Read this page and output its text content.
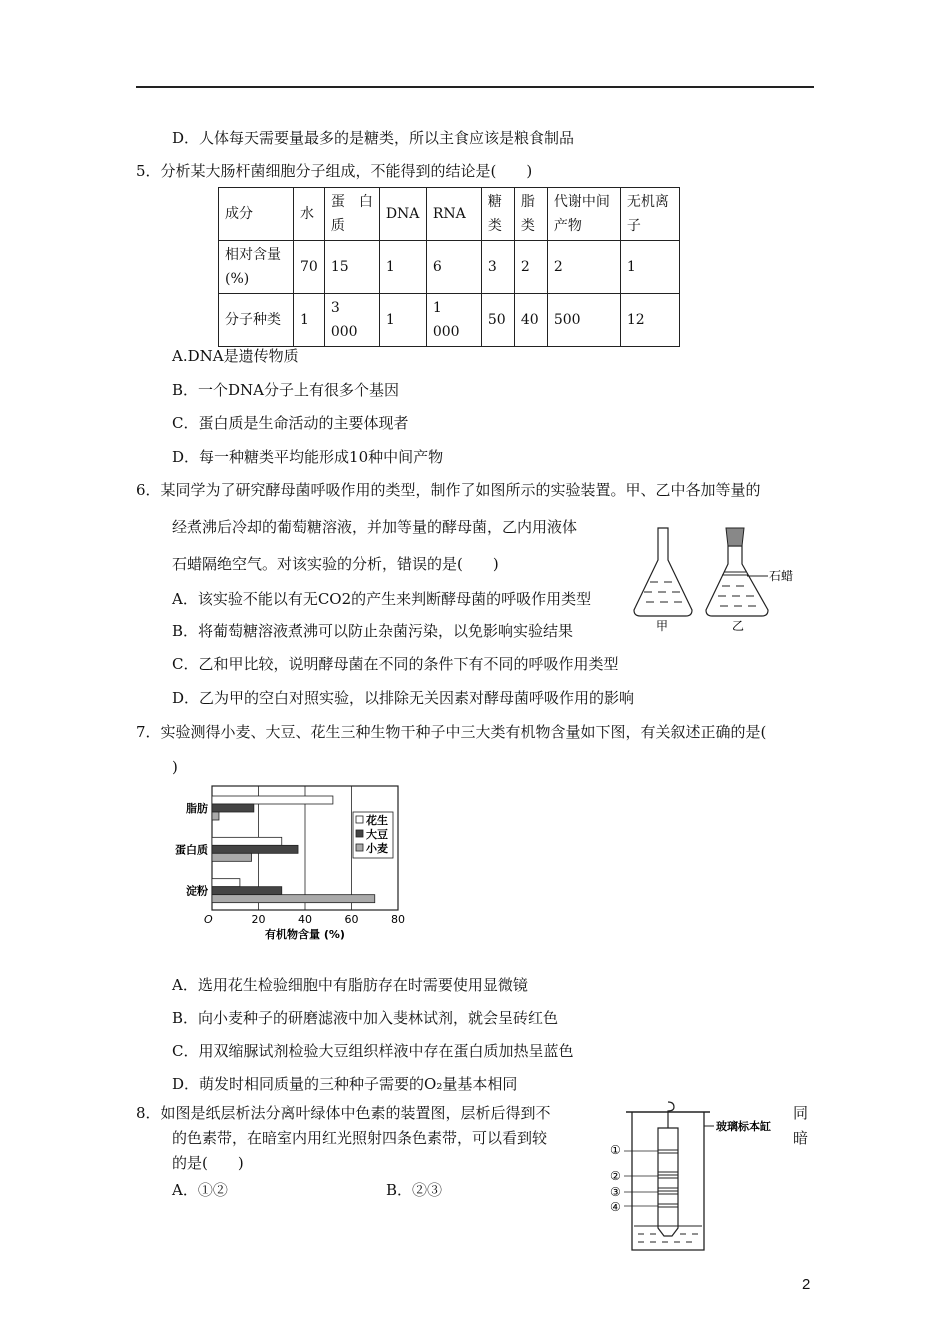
D．人体每天需要量最多的是糖类，所以主食应该是粮食制品
5．分析某大肠杆菌细胞分子组成，不能得到的结论是(　　)
成分	水	蛋　白质	DNA	RNA	糖类	脂类	代谢中间产物	无机离子
相对含量(%)	70	15	1	6	3	2	2	1
分子种类	1	3　000	1	1　000	50	40	500	12
A.DNA是遗传物质
B．一个DNA分子上有很多个基因
C．蛋白质是生命活动的主要体现者
D．每一种糖类平均能形成10种中间产物
6．某同学为了研究酵母菌呼吸作用的类型，制作了如图所示的实验装置。甲、乙中各加等量的
经煮沸后冷却的葡萄糖溶液，并加等量的酵母菌，乙内用液体
石蜡隔绝空气。对该实验的分析，错误的是(　　)
A．该实验不能以有无CO2的产生来判断酵母菌的呼吸作用类型
B．将葡萄糖溶液煮沸可以防止杂菌污染，以免影响实验结果
C．乙和甲比较，说明酵母菌在不同的条件下有不同的呼吸作用类型
D．乙为甲的空白对照实验，以排除无关因素对酵母菌呼吸作用的影响
石蜡
甲	乙
7．实验测得小麦、大豆、花生三种生物干种子中三大类有机物含量如下图，有关叙述正确的是(
)
20	40	60	80
脂肪
蛋白质
淀粉
花生
大豆
小麦
O
有机物含量 (%)
A．选用花生检验细胞中有脂肪存在时需要使用显微镜
B．向小麦种子的研磨滤液中加入斐林试剂，就会呈砖红色
C．用双缩脲试剂检验大豆组织样液中存在蛋白质加热呈蓝色
D．萌发时相同质量的三种种子需要的O₂量基本相同
8．如图是纸层析法分离叶绿体中色素的装置图，层析后得到不	同
的色素带，在暗室内用红光照射四条色素带，可以看到较	暗
的是(　　)
A．①②	B．②③
玻璃标本缸
①
②
③
④
2
